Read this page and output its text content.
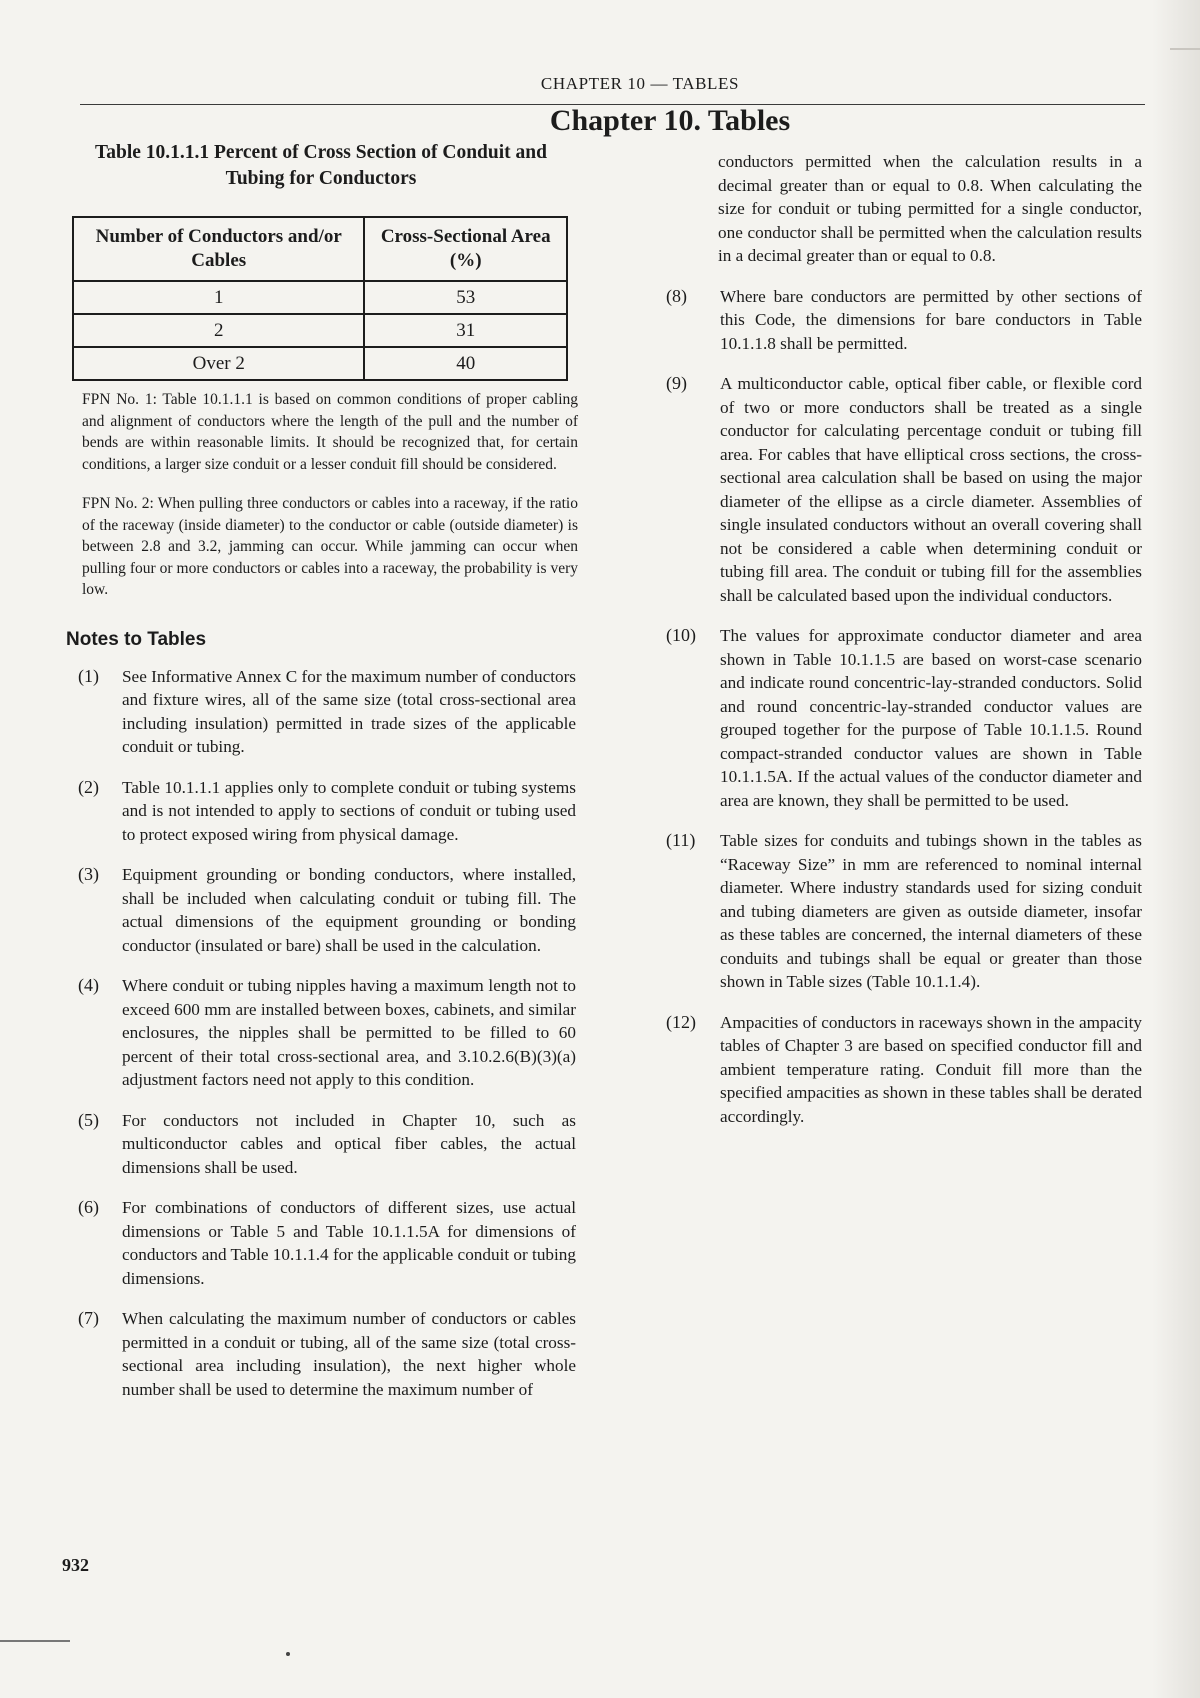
CHAPTER 10 — TABLES
Chapter 10. Tables
Table 10.1.1.1 Percent of Cross Section of Conduit and Tubing for Conductors
Number of Conductors and/or Cables	Cross-Sectional Area (%)
1	53
2	31
Over 2	40

FPN No. 1: Table 10.1.1.1 is based on common conditions of proper cabling and alignment of conductors where the length of the pull and the number of bends are within reasonable limits. It should be recognized that, for certain conditions, a larger size conduit or a lesser conduit fill should be considered.

FPN No. 2: When pulling three conductors or cables into a raceway, if the ratio of the raceway (inside diameter) to the conductor or cable (outside diameter) is between 2.8 and 3.2, jamming can occur. While jamming can occur when pulling four or more conductors or cables into a raceway, the probability is very low.

Notes to Tables
(1)	See Informative Annex C for the maximum number of conductors and fixture wires, all of the same size (total cross-sectional area including insulation) permitted in trade sizes of the applicable conduit or tubing.
(2)	Table 10.1.1.1 applies only to complete conduit or tubing systems and is not intended to apply to sections of conduit or tubing used to protect exposed wiring from physical damage.
(3)	Equipment grounding or bonding conductors, where installed, shall be included when calculating conduit or tubing fill. The actual dimensions of the equipment grounding or bonding conductor (insulated or bare) shall be used in the calculation.
(4)	Where conduit or tubing nipples having a maximum length not to exceed 600 mm are installed between boxes, cabinets, and similar enclosures, the nipples shall be permitted to be filled to 60 percent of their total cross-sectional area, and 3.10.2.6(B)(3)(a) adjustment factors need not apply to this condition.
(5)	For conductors not included in Chapter 10, such as multiconductor cables and optical fiber cables, the actual dimensions shall be used.
(6)	For combinations of conductors of different sizes, use actual dimensions or Table 5 and Table 10.1.1.5A for dimensions of conductors and Table 10.1.1.4 for the applicable conduit or tubing dimensions.
(7)	When calculating the maximum number of conductors or cables permitted in a conduit or tubing, all of the same size (total cross-sectional area including insulation), the next higher whole number shall be used to determine the maximum number of

conductors permitted when the calculation results in a decimal greater than or equal to 0.8. When calculating the size for conduit or tubing permitted for a single conductor, one conductor shall be permitted when the calculation results in a decimal greater than or equal to 0.8.

(8)	Where bare conductors are permitted by other sections of this Code, the dimensions for bare conductors in Table 10.1.1.8 shall be permitted.
(9)	A multiconductor cable, optical fiber cable, or flexible cord of two or more conductors shall be treated as a single conductor for calculating percentage conduit or tubing fill area. For cables that have elliptical cross sections, the cross-sectional area calculation shall be based on using the major diameter of the ellipse as a circle diameter. Assemblies of single insulated conductors without an overall covering shall not be considered a cable when determining conduit or tubing fill area. The conduit or tubing fill for the assemblies shall be calculated based upon the individual conductors.
(10)	The values for approximate conductor diameter and area shown in Table 10.1.1.5 are based on worst-case scenario and indicate round concentric-lay-stranded conductors. Solid and round concentric-lay-stranded conductor values are grouped together for the purpose of Table 10.1.1.5. Round compact-stranded conductor values are shown in Table 10.1.1.5A. If the actual values of the conductor diameter and area are known, they shall be permitted to be used.
(11)	Table sizes for conduits and tubings shown in the tables as “Raceway Size” in mm are referenced to nominal internal diameter. Where industry standards used for sizing conduit and tubing diameters are given as outside diameter, insofar as these tables are concerned, the internal diameters of these conduits and tubings shall be equal or greater than those shown in Table sizes (Table 10.1.1.4).
(12)	Ampacities of conductors in raceways shown in the ampacity tables of Chapter 3 are based on specified conductor fill and ambient temperature rating. Conduit fill more than the specified ampacities as shown in these tables shall be derated accordingly.
932
